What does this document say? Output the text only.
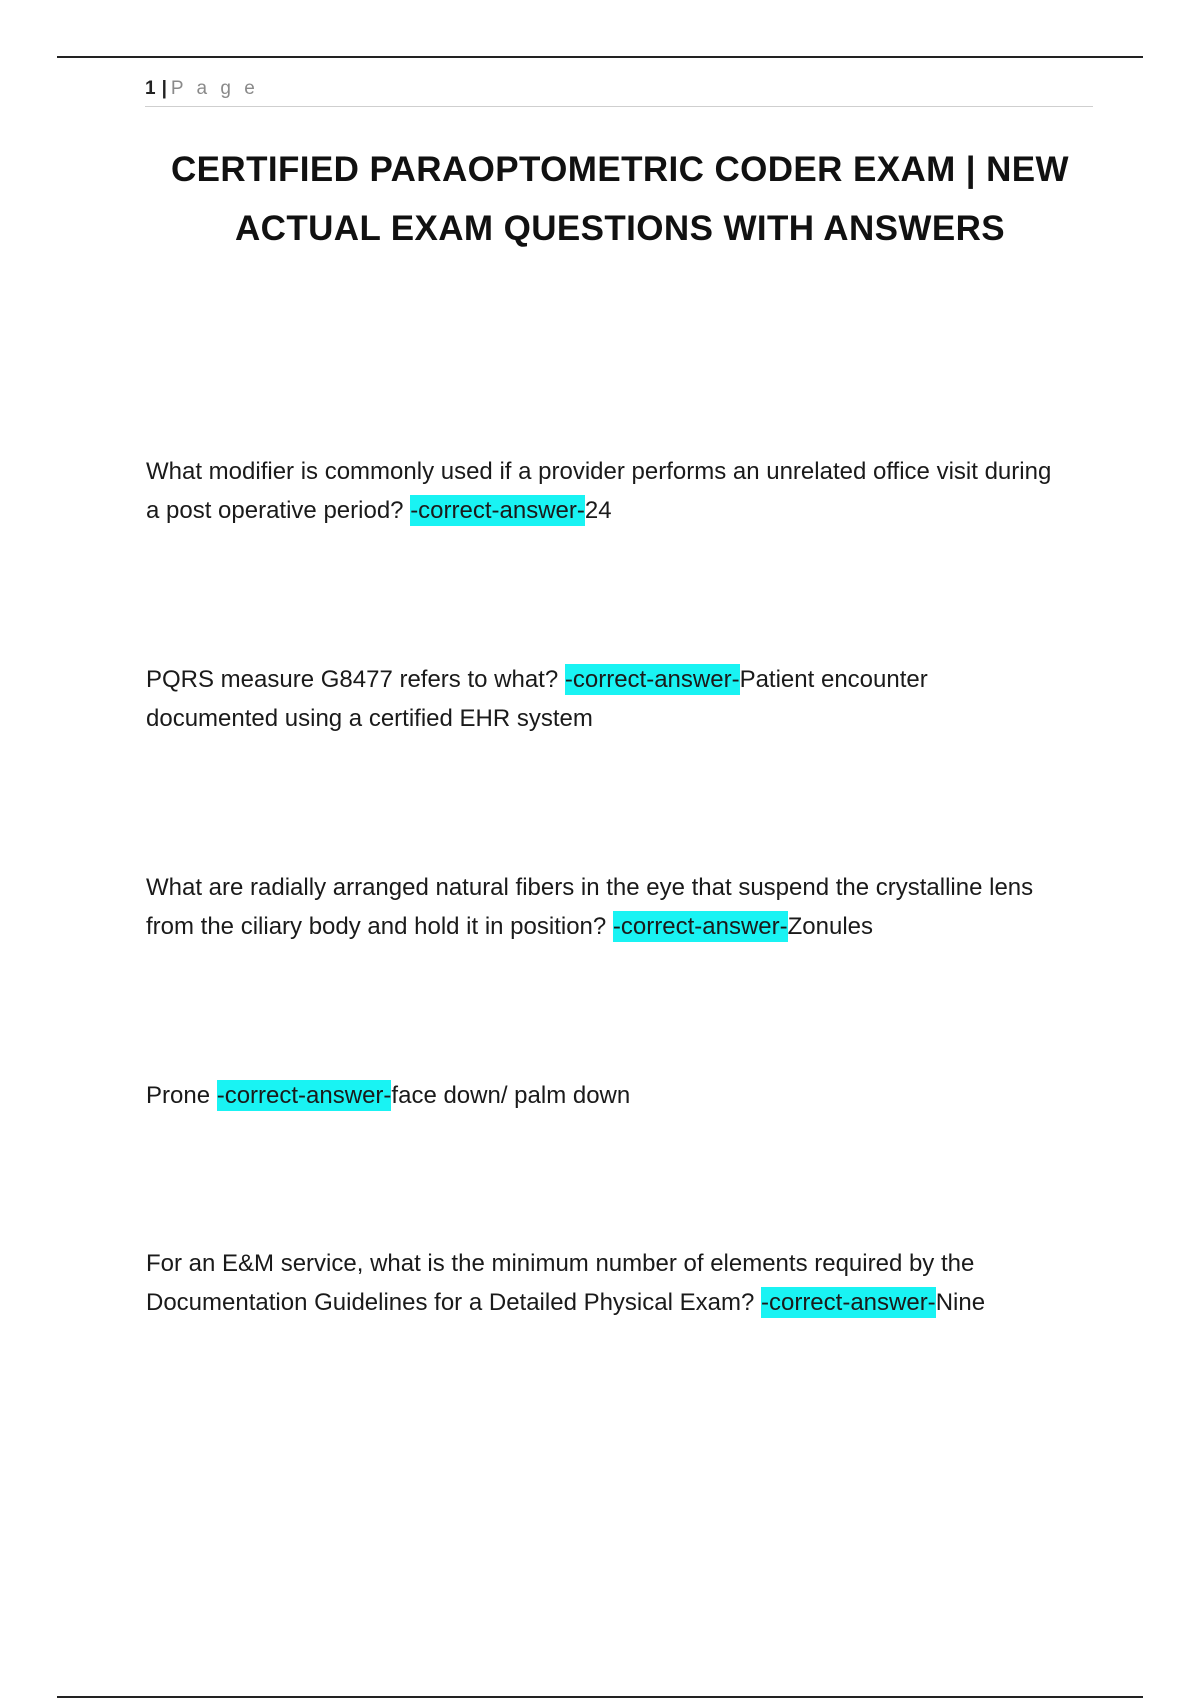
1 | P a g e
CERTIFIED PARAOPTOMETRIC CODER EXAM | NEW ACTUAL EXAM QUESTIONS WITH ANSWERS

What modifier is commonly used if a provider performs an unrelated office visit during a post operative period? -correct-answer-24

PQRS measure G8477 refers to what? -correct-answer-Patient encounter documented using a certified EHR system

What are radially arranged natural fibers in the eye that suspend the crystalline lens from the ciliary body and hold it in position? -correct-answer-Zonules

Prone -correct-answer-face down/ palm down

For an E&M service, what is the minimum number of elements required by the Documentation Guidelines for a Detailed Physical Exam? -correct-answer-Nine
